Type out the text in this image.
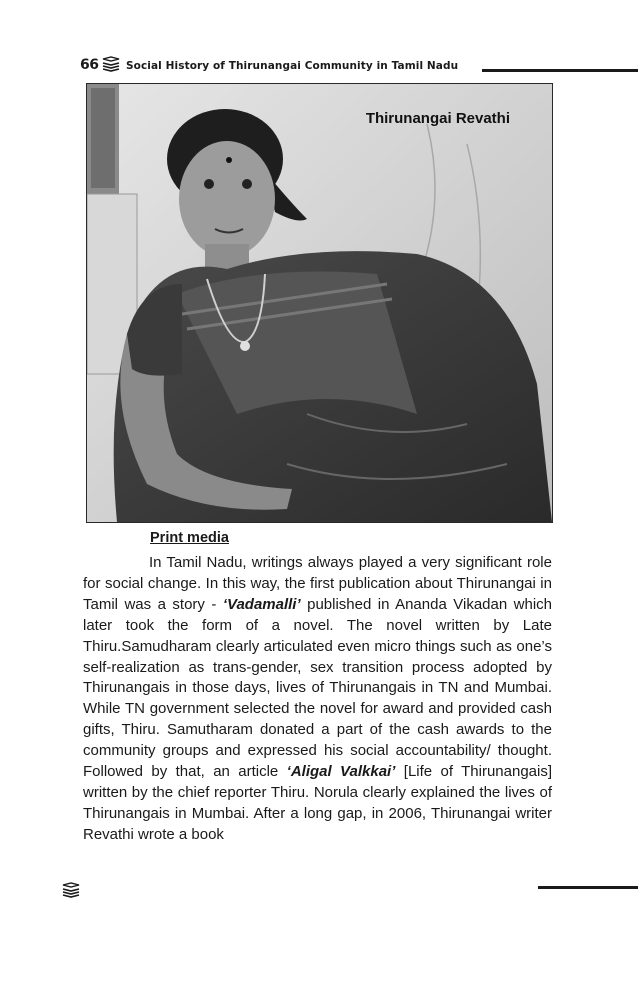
66	Social History of Thirunangai Community in Tamil Nadu
Thirunangai Revathi
Print media

In Tamil Nadu, writings always played a very significant role for social change. In this way, the first publication about Thirunangai in Tamil was a story - ‘Vadamalli’ published in Ananda Vikadan which later took the form of a novel. The novel written by Late Thiru.Samudharam clearly articulated even micro things such as one’s self-realization as trans-gender, sex transition process adopted by Thirunangais in those days, lives of Thirunangais in TN and Mumbai. While TN government selected the novel for award and provided cash gifts, Thiru. Samutharam donated a part of the cash awards to the community groups and expressed his social accountability/ thought. Followed by that, an article ‘Aligal Valkkai’ [Life of Thirunangais] written by the chief reporter Thiru. Norula clearly explained the lives of Thirunangais in Mumbai. After a long gap, in 2006, Thirunangai writer Revathi wrote a book
